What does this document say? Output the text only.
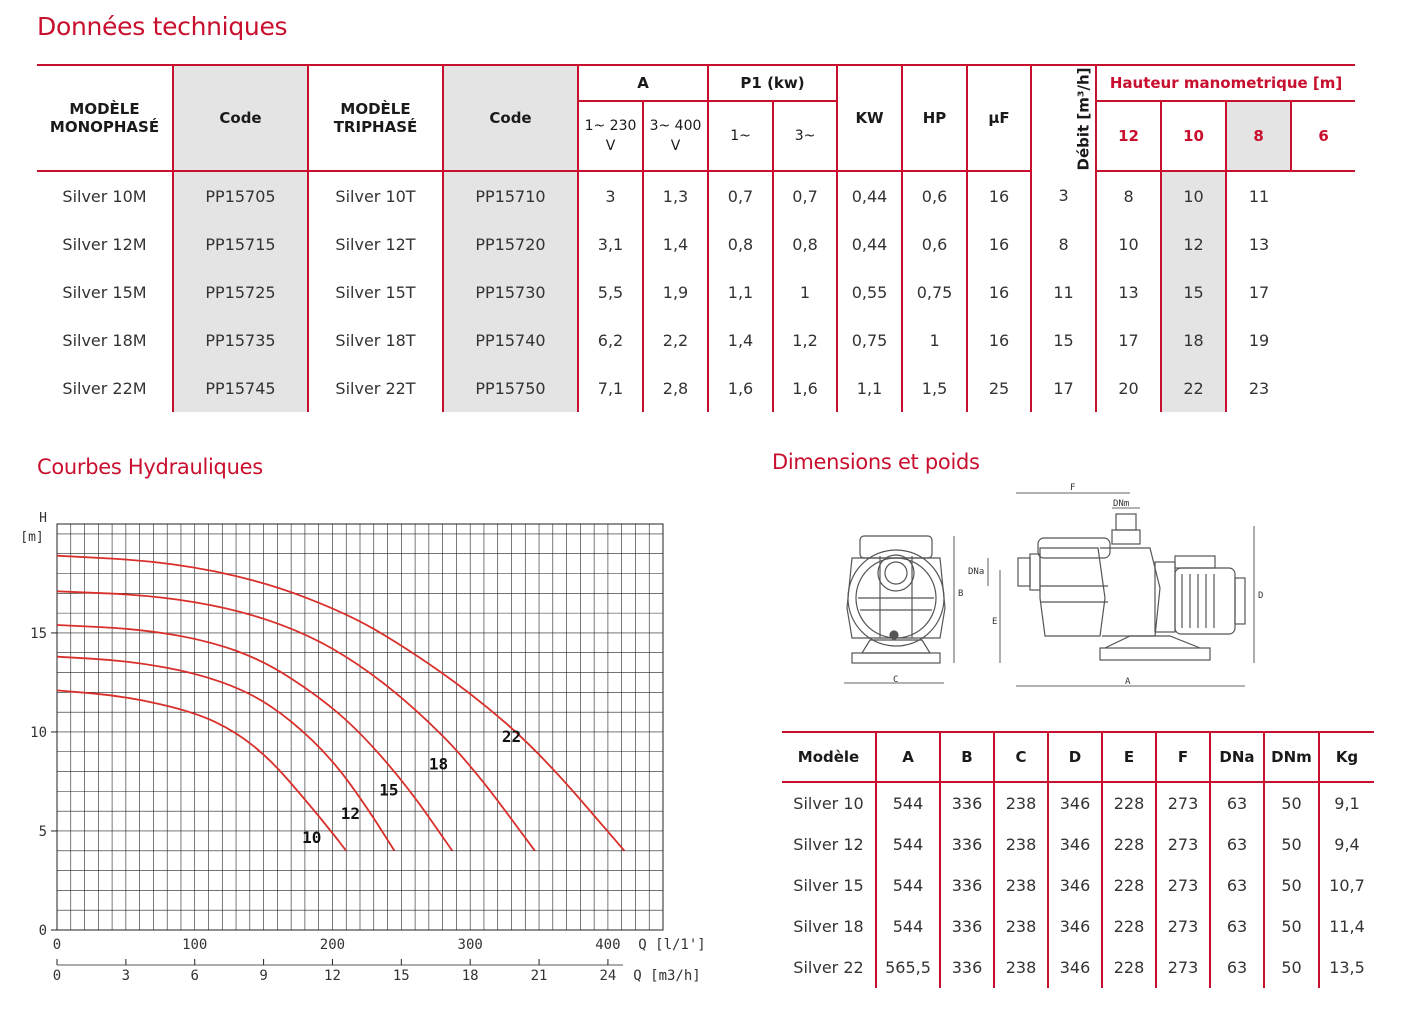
Données techniques
MODÈLE MONOPHASÉ	Code	MODÈLE TRIPHASÉ	Code	A		P1 (kw)		KW	HP	µF	Débit [m³/h]	Hauteur manometrique [m]			
				1~ 230 V	3~ 400 V	1~	3~					12	10	8	6
Silver 10M	PP15705	Silver 10T	PP15710	3	1,3	0,7	0,7	0,44	0,6	16	3	8	10	11	
Silver 12M	PP15715	Silver 12T	PP15720	3,1	1,4	0,8	0,8	0,44	0,6	16	8	10	12	13	
Silver 15M	PP15725	Silver 15T	PP15730	5,5	1,9	1,1	1	0,55	0,75	16	11	13	15	17	
Silver 18M	PP15735	Silver 18T	PP15740	6,2	2,2	1,4	1,2	0,75	1	16	15	17	18	19	
Silver 22M	PP15745	Silver 22T	PP15750	7,1	2,8	1,6	1,6	1,1	1,5	25	17	20	22	23	
Courbes Hydrauliques	Dimensions et poids
0
5
10
15
H
[m]
0	100	200	300	400 Q [l/1']
0	3	6	9	12	15	18	21	24 Q [m3/h]
10
12
15
18
22
F
DNm
DNa
B
E
D
C	A
Modèle	A	B	C	D	E	F	DNa	DNm	Kg
Silver 10	544	336	238	346	228	273	63	50	9,1
Silver 12	544	336	238	346	228	273	63	50	9,4
Silver 15	544	336	238	346	228	273	63	50	10,7
Silver 18	544	336	238	346	228	273	63	50	11,4
Silver 22	565,5	336	238	346	228	273	63	50	13,5
